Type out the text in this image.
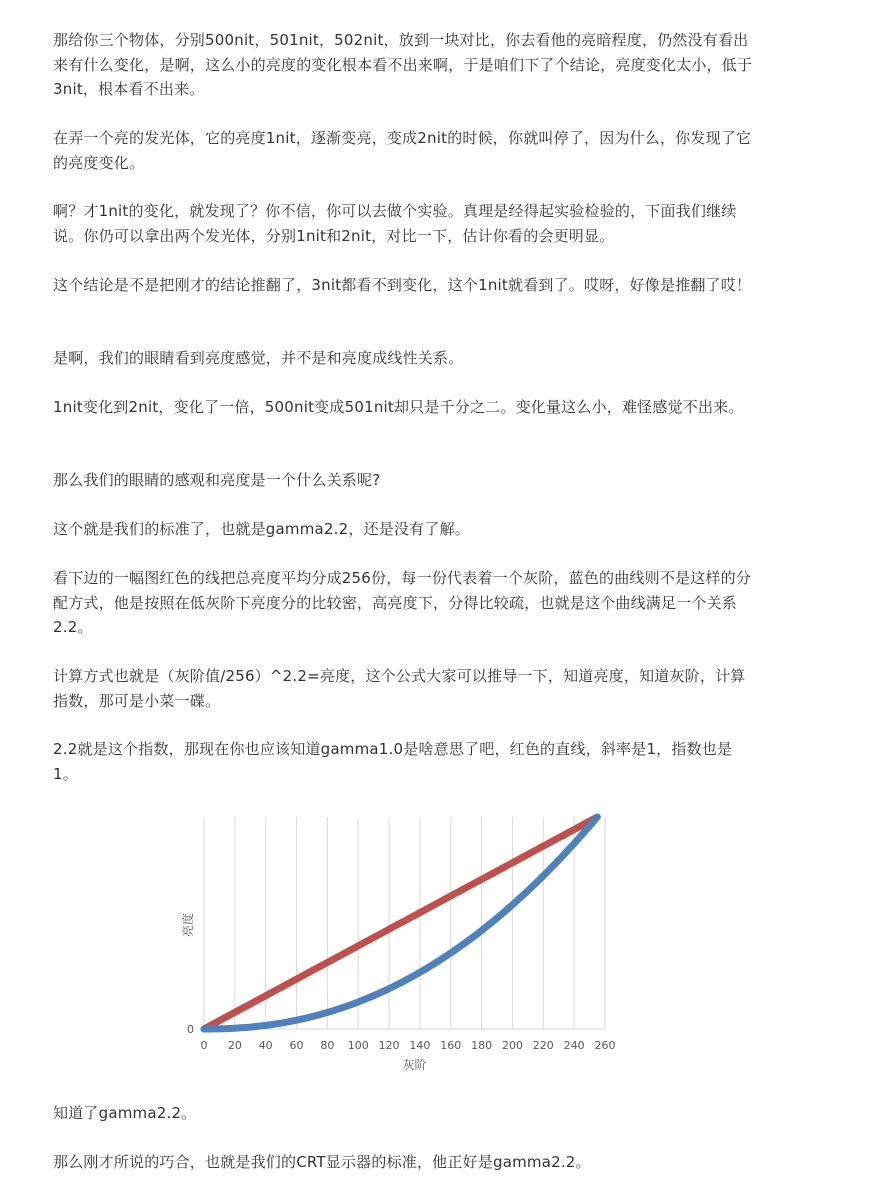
那给你三个物体，分别500nit，501nit，502nit，放到一块对比，你去看他的亮暗程度，仍然没有看出来有什么变化，是啊，这么小的亮度的变化根本看不出来啊，于是咱们下了个结论，亮度变化太小，低于3nit，根本看不出来。

在弄一个亮的发光体，它的亮度1nit，逐渐变亮，变成2nit的时候，你就叫停了，因为什么，你发现了它的亮度变化。

啊？才1nit的变化，就发现了？你不信，你可以去做个实验。真理是经得起实验检验的，下面我们继续说。你仍可以拿出两个发光体，分别1nit和2nit，对比一下，估计你看的会更明显。

这个结论是不是把刚才的结论推翻了，3nit都看不到变化，这个1nit就看到了。哎呀，好像是推翻了哎！

是啊，我们的眼睛看到亮度感觉，并不是和亮度成线性关系。

1nit变化到2nit，变化了一倍，500nit变成501nit却只是千分之二。变化量这么小，难怪感觉不出来。

那么我们的眼睛的感观和亮度是一个什么关系呢?

这个就是我们的标准了，也就是gamma2.2，还是没有了解。

看下边的一幅图红色的线把总亮度平均分成256份，每一份代表着一个灰阶，蓝色的曲线则不是这样的分配方式，他是按照在低灰阶下亮度分的比较密，高亮度下，分得比较疏，也就是这个曲线满足一个关系2.2。

计算方式也就是（灰阶值/256）^2.2=亮度，这个公式大家可以推导一下，知道亮度，知道灰阶，计算指数，那可是小菜一碟。

2.2就是这个指数，那现在你也应该知道gamma1.0是啥意思了吧，红色的直线，斜率是1，指数也是1。

知道了gamma2.2。

那么刚才所说的巧合，也就是我们的CRT显示器的标准，他正好是gamma2.2。

0 20 40 60 80 100 120 140 160 180 200 220 240 260
0
亮度
灰阶
